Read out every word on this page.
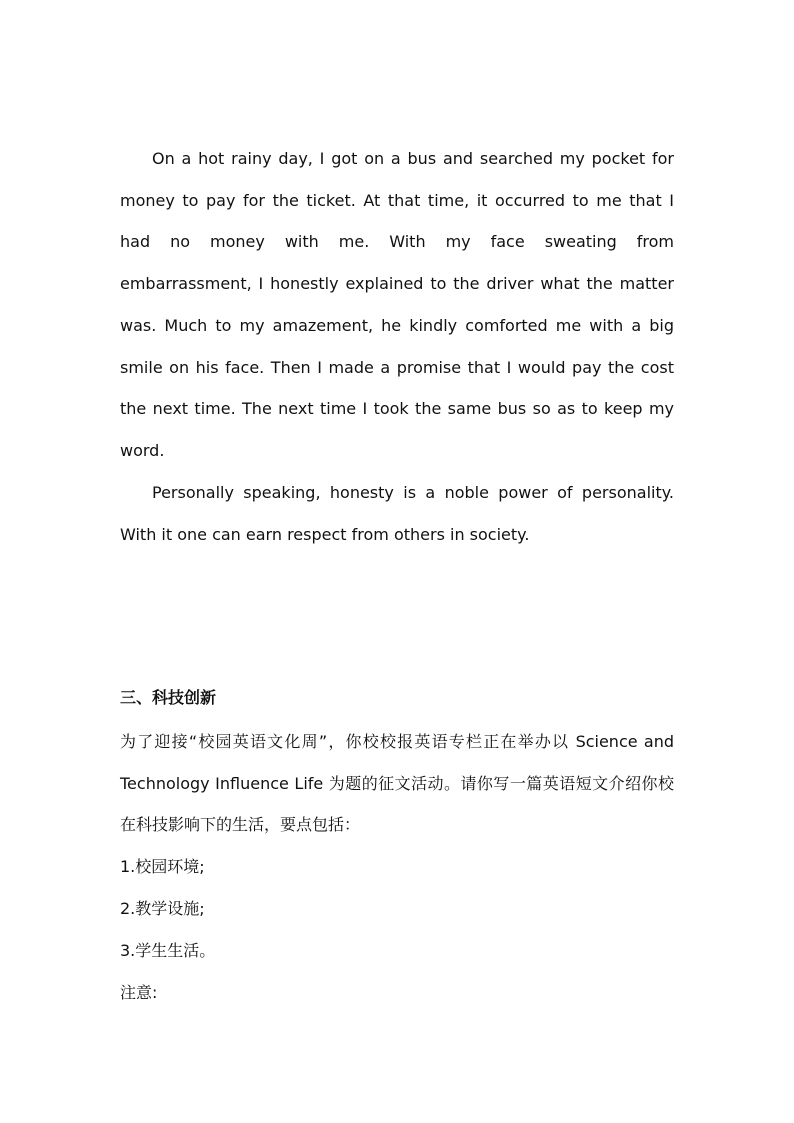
On a hot rainy day, I got on a bus and searched my pocket for money to pay for the ticket. At that time, it occurred to me that I had no money with me. With my face sweating from embarrassment, I honestly explained to the driver what the matter was. Much to my amazement, he kindly comforted me with a big smile on his face. Then I made a promise that I would pay the cost the next time. The next time I took the same bus so as to keep my word.

Personally speaking, honesty is a noble power of personality. With it one can earn respect from others in society.

三、科技创新

为了迎接“校园英语文化周”，你校校报英语专栏正在举办以 Science and Technology Influence Life 为题的征文活动。请你写一篇英语短文介绍你校在科技影响下的生活，要点包括：

1.校园环境;

2.教学设施;

3.学生生活。

注意:
